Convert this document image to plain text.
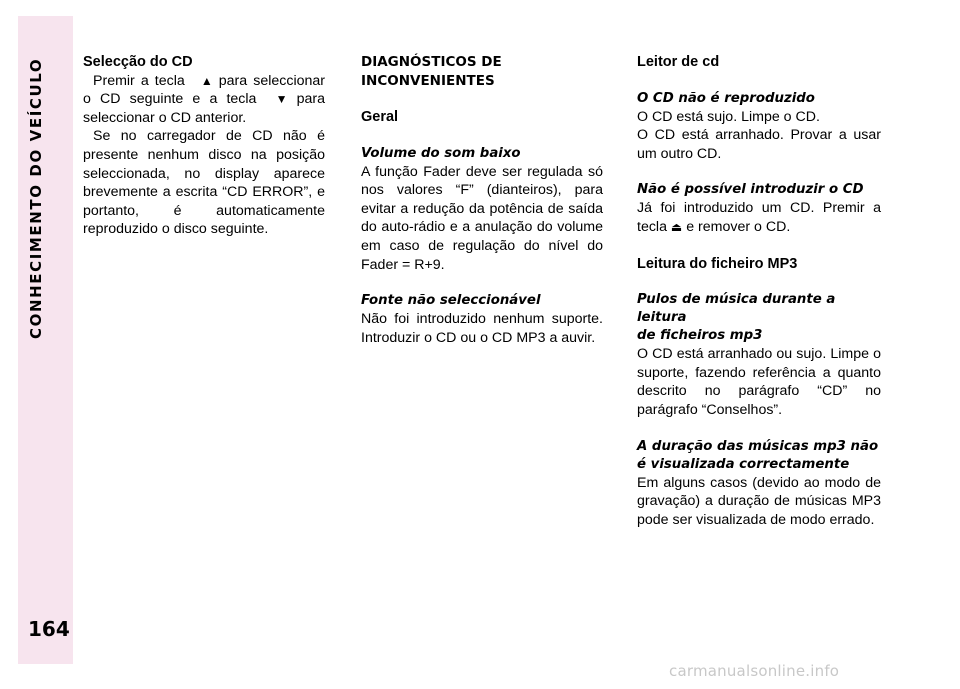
CONHECIMENTO DO VEÍCULO
164
Selecção do CD

Premir a tecla ▲ para seleccionar o CD seguinte e a tecla ▼ para seleccionar o CD anterior.

Se no carregador de CD não é presente nenhum disco na posição seleccionada, no display aparece brevemente a escrita “CD ERROR”, e portanto, é automaticamente reproduzido o disco seguinte.

DIAGNÓSTICOS DE
INCONVENIENTES
Geral
Volume do som baixo

A função Fader deve ser regulada só nos valores “F” (dianteiros), para evitar a redução da potência de saída do auto-rádio e a anulação do volume em caso de regulação do nível do Fader = R+9.

Fonte não seleccionável

Não foi introduzido nenhum suporte. Introduzir o CD ou o CD MP3 a auvir.

Leitor de cd
O CD não é reproduzido

O CD está sujo. Limpe o CD.

O CD está arranhado. Provar a usar um outro CD.

Não é possível introduzir o CD

Já foi introduzido um CD. Premir a tecla ⏏ e remover o CD.

Leitura do ficheiro MP3
Pulos de música durante a leitura
de ficheiros mp3

O CD está arranhado ou sujo. Limpe o suporte, fazendo referência a quanto descrito no parágrafo “CD” no parágrafo “Conselhos”.

A duração das músicas mp3 não
é visualizada correctamente

Em alguns casos (devido ao modo de gravação) a duração de músicas MP3 pode ser visualizada de modo errado.

carmanualsonline.info
